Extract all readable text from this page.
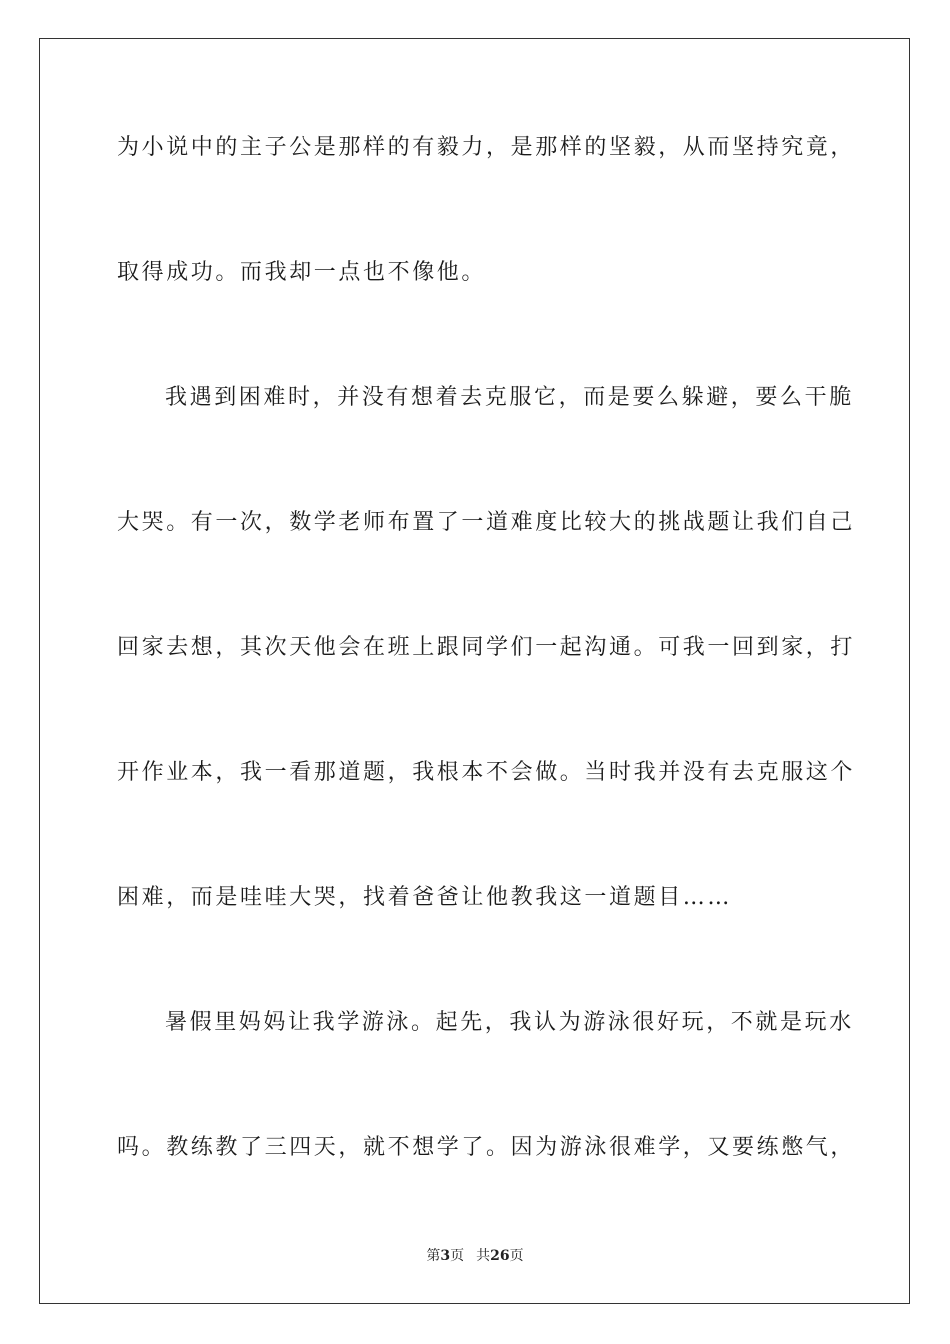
为小说中的主子公是那样的有毅力，是那样的坚毅，从而坚持究竟，
取得成功。而我却一点也不像他。
我遇到困难时，并没有想着去克服它，而是要么躲避，要么干脆
大哭。有一次，数学老师布置了一道难度比较大的挑战题让我们自己
回家去想，其次天他会在班上跟同学们一起沟通。可我一回到家，打
开作业本，我一看那道题，我根本不会做。当时我并没有去克服这个
困难，而是哇哇大哭，找着爸爸让他教我这一道题目……
暑假里妈妈让我学游泳。起先，我认为游泳很好玩，不就是玩水
吗。教练教了三四天，就不想学了。因为游泳很难学，又要练憋气，
第3页 共26页
